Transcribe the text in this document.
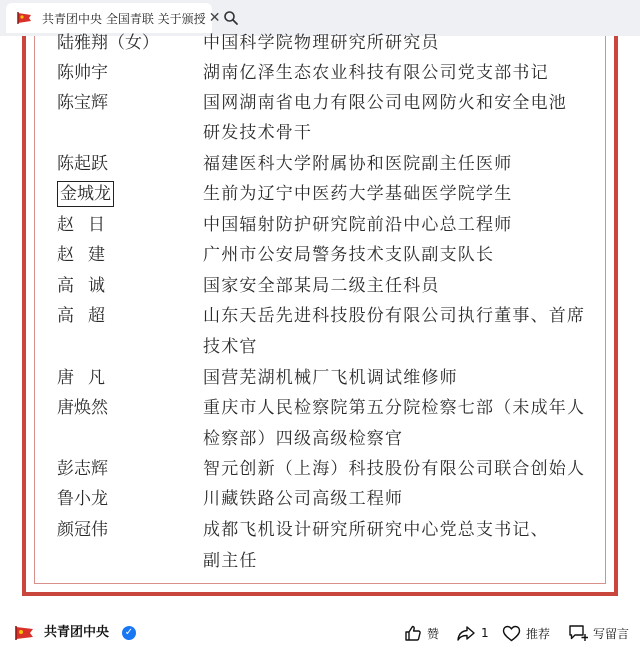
共青团中央 全国青联 关于颁授 ✕
陆雅翔（女）	中国科学院物理研究所研究员
陈帅宇	湖南亿泽生态农业科技有限公司党支部书记
陈宝辉	国网湖南省电力有限公司电网防火和安全电池
研发技术骨干
陈起跃	福建医科大学附属协和医院副主任医师
金城龙	生前为辽宁中医药大学基础医学院学生
赵日	中国辐射防护研究院前沿中心总工程师
赵建	广州市公安局警务技术支队副支队长
高诚	国家安全部某局二级主任科员
高超	山东天岳先进科技股份有限公司执行董事、首席
技术官
唐凡	国营芜湖机械厂飞机调试维修师
唐焕然	重庆市人民检察院第五分院检察七部（未成年人
检察部）四级高级检察官
彭志辉	智元创新（上海）科技股份有限公司联合创始人
鲁小龙	川藏铁路公司高级工程师
颜冠伟	成都飞机设计研究所研究中心党总支书记、
副主任
共青团中央 ✓	赞	1	推荐	写留言
